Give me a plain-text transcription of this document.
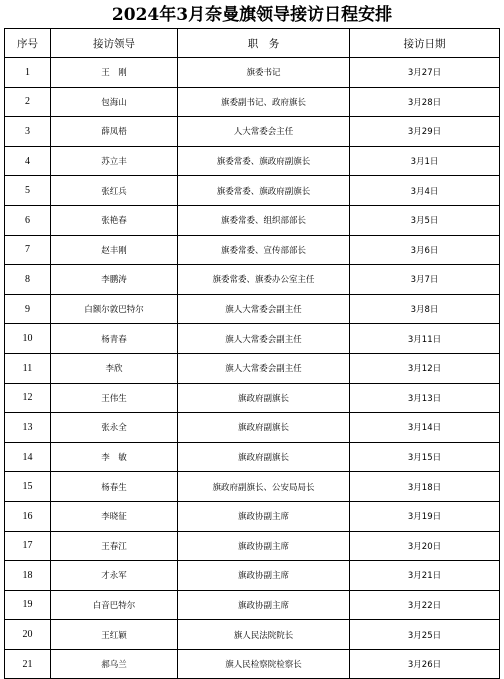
2024年3月奈曼旗领导接访日程安排
序号	接访领导	职　务	接访日期
1	王　刚	旗委书记	3月27日
2	包海山	旗委副书记、政府旗长	3月28日
3	薛凤梧	人大常委会主任	3月29日
4	苏立丰	旗委常委、旗政府副旗长	3月1日
5	张红兵	旗委常委、旗政府副旗长	3月4日
6	张艳春	旗委常委、组织部部长	3月5日
7	赵丰刚	旗委常委、宣传部部长	3月6日
8	李鹏涛	旗委常委、旗委办公室主任	3月7日
9	白额尔敦巴特尔	旗人大常委会副主任	3月8日
10	杨青春	旗人大常委会副主任	3月11日
11	李欣	旗人大常委会副主任	3月12日
12	王伟生	旗政府副旗长	3月13日
13	张永全	旗政府副旗长	3月14日
14	李　敏	旗政府副旗长	3月15日
15	杨春生	旗政府副旗长、公安局局长	3月18日
16	李晓征	旗政协副主席	3月19日
17	王春江	旗政协副主席	3月20日
18	才永军	旗政协副主席	3月21日
19	白音巴特尔	旗政协副主席	3月22日
20	王红颖	旗人民法院院长	3月25日
21	郝乌兰	旗人民检察院检察长	3月26日
